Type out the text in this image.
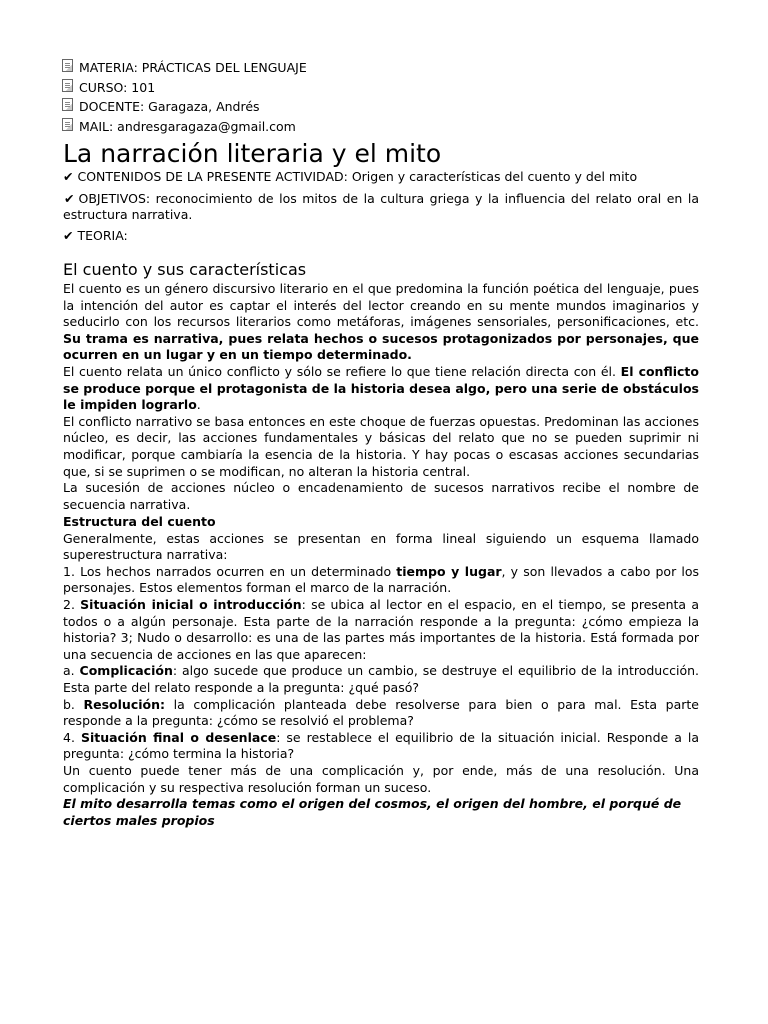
MATERIA: PRÁCTICAS DEL LENGUAJE
CURSO: 101
DOCENTE: Garagaza, Andrés
MAIL: andresgaragaza@gmail.com
La narración literaria y el mito

✔ CONTENIDOS DE LA PRESENTE ACTIVIDAD: Origen y características del cuento y del mito

✔ OBJETIVOS: reconocimiento de los mitos de la cultura griega y la influencia del relato oral en la estructura narrativa.

✔ TEORIA:

El cuento y sus características

El cuento es un género discursivo literario en el que predomina la función poética del lenguaje, pues la intención del autor es captar el interés del lector creando en su mente mundos imaginarios y seducirlo con los recursos literarios como metáforas, imágenes sensoriales, personificaciones, etc. Su trama es narrativa, pues relata hechos o sucesos protagonizados por personajes, que ocurren en un lugar y en un tiempo determinado.

El cuento relata un único conflicto y sólo se refiere lo que tiene relación directa con él. El conflicto se produce porque el protagonista de la historia desea algo, pero una serie de obstáculos le impiden lograrlo.

El conflicto narrativo se basa entonces en este choque de fuerzas opuestas. Predominan las acciones núcleo, es decir, las acciones fundamentales y básicas del relato que no se pueden suprimir ni modificar, porque cambiaría la esencia de la historia. Y hay pocas o escasas acciones secundarias que, si se suprimen o se modifican, no alteran la historia central.

La sucesión de acciones núcleo o encadenamiento de sucesos narrativos recibe el nombre de secuencia narrativa.

Estructura del cuento

Generalmente, estas acciones se presentan en forma lineal siguiendo un esquema llamado superestructura narrativa:

1. Los hechos narrados ocurren en un determinado tiempo y lugar, y son llevados a cabo por los personajes. Estos elementos forman el marco de la narración.

2. Situación inicial o introducción: se ubica al lector en el espacio, en el tiempo, se presenta a todos o a algún personaje. Esta parte de la narración responde a la pregunta: ¿cómo empieza la historia? 3; Nudo o desarrollo: es una de las partes más importantes de la historia. Está formada por una secuencia de acciones en las que aparecen:

a. Complicación: algo sucede que produce un cambio, se destruye el equilibrio de la introducción. Esta parte del relato responde a la pregunta: ¿qué pasó?

b. Resolución: la complicación planteada debe resolverse para bien o para mal. Esta parte responde a la pregunta: ¿cómo se resolvió el problema?

4. Situación final o desenlace: se restablece el equilibrio de la situación inicial. Responde a la pregunta: ¿cómo termina la historia?

Un cuento puede tener más de una complicación y, por ende, más de una resolución. Una complicación y su respectiva resolución forman un suceso.

El mito desarrolla temas como el origen del cosmos, el origen del hombre, el porqué de ciertos males propios
